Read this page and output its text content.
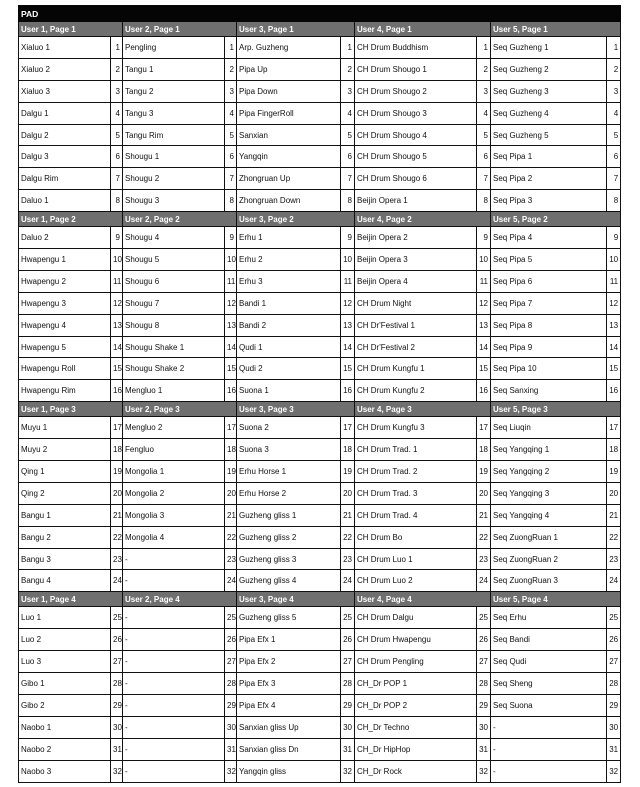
PAD									
User 1, Page 1		User 2, Page 1		User 3, Page 1		User 4, Page 1		User 5, Page 1	
Xialuo 1	1	Pengling	1	Arp. Guzheng	1	CH Drum Buddhism	1	Seq Guzheng 1	1
Xialuo 2	2	Tangu 1	2	Pipa Up	2	CH Drum Shougo 1	2	Seq Guzheng 2	2
Xialuo 3	3	Tangu 2	3	Pipa Down	3	CH Drum Shougo 2	3	Seq Guzheng 3	3
Dalgu 1	4	Tangu 3	4	Pipa FingerRoll	4	CH Drum Shougo 3	4	Seq Guzheng 4	4
Dalgu 2	5	Tangu Rim	5	Sanxian	5	CH Drum Shougo 4	5	Seq Guzheng 5	5
Dalgu 3	6	Shougu 1	6	Yangqin	6	CH Drum Shougo 5	6	Seq Pipa 1	6
Dalgu Rim	7	Shougu 2	7	Zhongruan Up	7	CH Drum Shougo 6	7	Seq Pipa 2	7
Daluo 1	8	Shougu 3	8	Zhongruan Down	8	Beijin Opera 1	8	Seq Pipa 3	8
User 1, Page 2		User 2, Page 2		User 3, Page 2		User 4, Page 2		User 5, Page 2	
Daluo 2	9	Shougu 4	9	Erhu 1	9	Beijin Opera 2	9	Seq Pipa 4	9
Hwapengu 1	10	Shougu 5	10	Erhu 2	10	Beijin Opera 3	10	Seq Pipa 5	10
Hwapengu 2	11	Shougu 6	11	Erhu 3	11	Beijin Opera 4	11	Seq Pipa 6	11
Hwapengu 3	12	Shougu 7	12	Bandi 1	12	CH Drum Night	12	Seq Pipa 7	12
Hwapengu 4	13	Shougu 8	13	Bandi 2	13	CH Dr'Festival 1	13	Seq Pipa 8	13
Hwapengu 5	14	Shougu Shake 1	14	Qudi 1	14	CH Dr'Festival 2	14	Seq Pipa 9	14
Hwapengu Roll	15	Shougu Shake 2	15	Qudi 2	15	CH Drum Kungfu 1	15	Seq Pipa 10	15
Hwapengu Rim	16	Mengluo 1	16	Suona 1	16	CH Drum Kungfu 2	16	Seq Sanxing	16
User 1, Page 3		User 2, Page 3		User 3, Page 3		User 4, Page 3		User 5, Page 3	
Muyu 1	17	Mengluo 2	17	Suona 2	17	CH Drum Kungfu 3	17	Seq Liuqin	17
Muyu 2	18	Fengluo	18	Suona 3	18	CH Drum Trad. 1	18	Seq Yangqing 1	18
Qing 1	19	Mongolia 1	19	Erhu Horse 1	19	CH Drum Trad. 2	19	Seq Yangqing 2	19
Qing 2	20	Mongolia 2	20	Erhu Horse 2	20	CH Drum Trad. 3	20	Seq Yangqing 3	20
Bangu 1	21	Mongolia 3	21	Guzheng gliss 1	21	CH Drum Trad. 4	21	Seq Yangqing 4	21
Bangu 2	22	Mongolia 4	22	Guzheng gliss 2	22	CH Drum Bo	22	Seq ZuongRuan 1	22
Bangu 3	23	-	23	Guzheng gliss 3	23	CH Drum Luo 1	23	Seq ZuongRuan 2	23
Bangu 4	24	-	24	Guzheng gliss 4	24	CH Drum Luo 2	24	Seq ZuongRuan 3	24
User 1, Page 4		User 2, Page 4		User 3, Page 4		User 4, Page 4		User 5, Page 4	
Luo 1	25	-	25	Guzheng gliss 5	25	CH Drum Dalgu	25	Seq Erhu	25
Luo 2	26	-	26	Pipa Efx 1	26	CH Drum Hwapengu	26	Seq Bandi	26
Luo 3	27	-	27	Pipa Efx 2	27	CH Drum Pengling	27	Seq Qudi	27
Gibo 1	28	-	28	Pipa Efx 3	28	CH_Dr POP 1	28	Seq Sheng	28
Gibo 2	29	-	29	Pipa Efx 4	29	CH_Dr POP 2	29	Seq Suona	29
Naobo 1	30	-	30	Sanxian gliss Up	30	CH_Dr Techno	30	-	30
Naobo 2	31	-	31	Sanxian gliss Dn	31	CH_Dr HipHop	31	-	31
Naobo 3	32	-	32	Yangqin gliss	32	CH_Dr Rock	32	-	32
